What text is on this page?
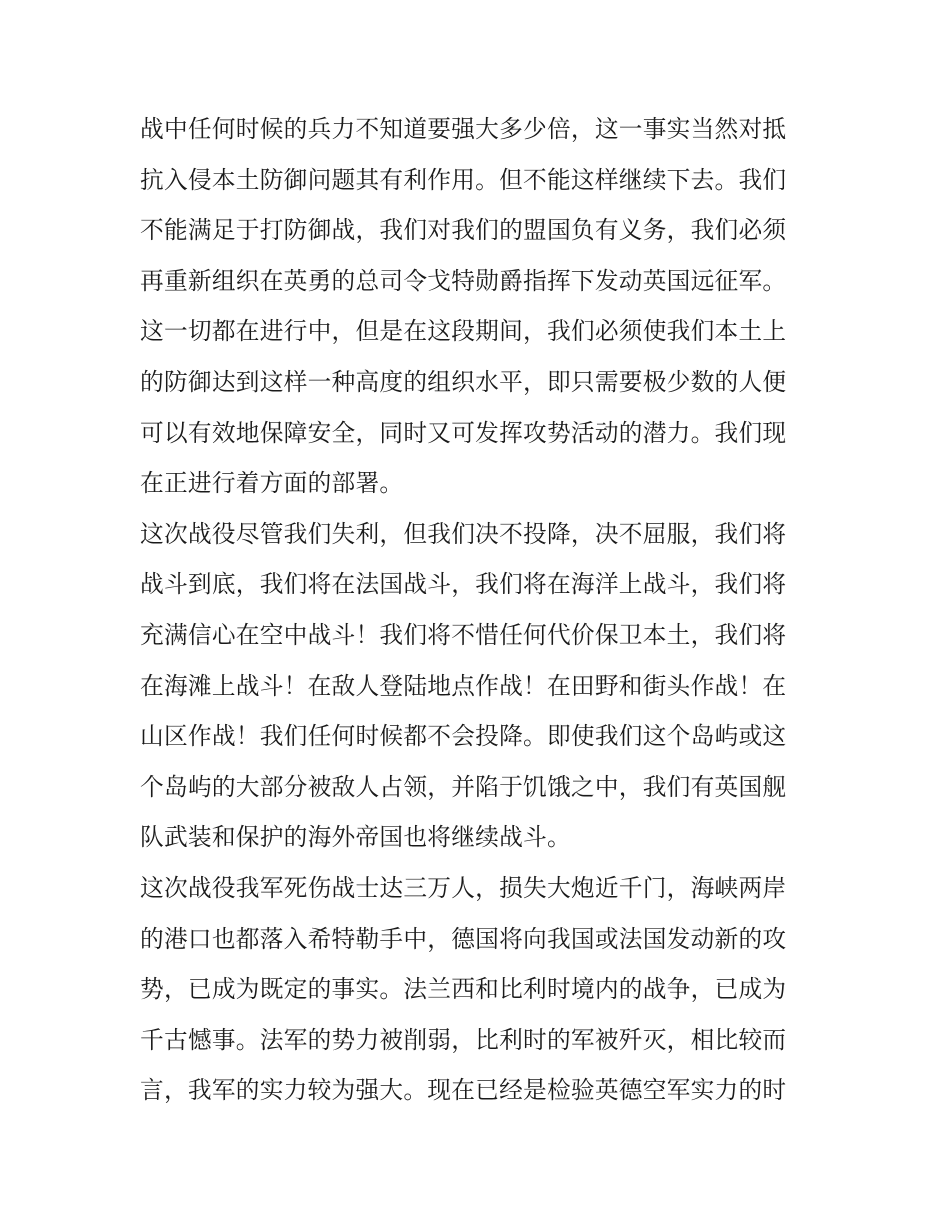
战中任何时候的兵力不知道要强大多少倍，这一事实当然对抵
抗入侵本土防御问题其有利作用。但不能这样继续下去。我们
不能满足于打防御战，我们对我们的盟国负有义务，我们必须
再重新组织在英勇的总司令戈特勋爵指挥下发动英国远征军。
这一切都在进行中，但是在这段期间，我们必须使我们本土上
的防御达到这样一种高度的组织水平，即只需要极少数的人便
可以有效地保障安全，同时又可发挥攻势活动的潜力。我们现
在正进行着方面的部署。
这次战役尽管我们失利，但我们决不投降，决不屈服，我们将
战斗到底，我们将在法国战斗，我们将在海洋上战斗，我们将
充满信心在空中战斗！我们将不惜任何代价保卫本土，我们将
在海滩上战斗！在敌人登陆地点作战！在田野和街头作战！在
山区作战！我们任何时候都不会投降。即使我们这个岛屿或这
个岛屿的大部分被敌人占领，并陷于饥饿之中，我们有英国舰
队武装和保护的海外帝国也将继续战斗。
这次战役我军死伤战士达三万人，损失大炮近千门，海峡两岸
的港口也都落入希特勒手中，德国将向我国或法国发动新的攻
势，已成为既定的事实。法兰西和比利时境内的战争，已成为
千古憾事。法军的势力被削弱，比利时的军被歼灭，相比较而
言，我军的实力较为强大。现在已经是检验英德空军实力的时
